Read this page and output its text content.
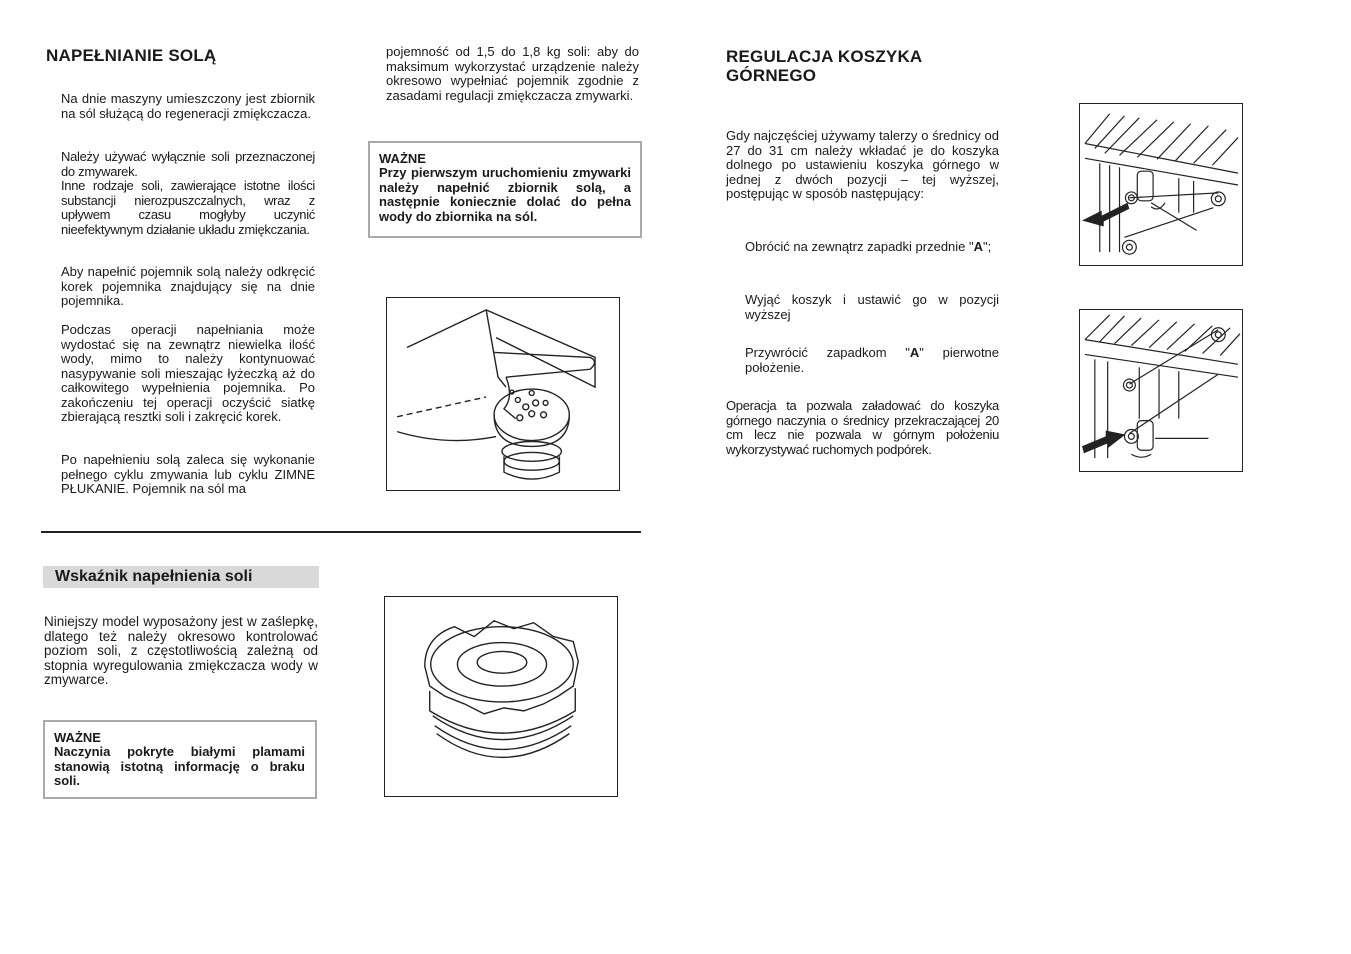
NAPEŁNIANIE SOLĄ
Na dnie maszyny umieszczony jest zbiornik na sól służącą do regeneracji zmiękczacza.
Należy używać wyłącznie soli przeznaczonej do zmywarek.
Inne rodzaje soli, zawierające istotne ilości substancji nierozpuszczalnych, wraz z upływem czasu mogłyby uczynić nieefektywnym działanie układu zmiękczania.
Aby napełnić pojemnik solą należy odkręcić korek pojemnika znajdujący się na dnie pojemnika.
Podczas operacji napełniania może wydostać się na zewnątrz niewielka ilość wody, mimo to należy kontynuować nasypywanie soli mieszając łyżeczką aż do całkowitego wypełnienia pojemnika. Po zakończeniu tej operacji oczyścić siatkę zbierającą resztki soli i zakręcić korek.
Po napełnieniu solą zaleca się wykonanie pełnego cyklu zmywania lub cyklu ZIMNE PŁUKANIE. Pojemnik na sól ma
pojemność od 1,5 do 1,8 kg soli: aby do maksimum wykorzystać urządzenie należy okresowo wypełniać pojemnik zgodnie z zasadami regulacji zmiękczacza zmywarki.
WAŻNE
Przy pierwszym uruchomieniu zmywarki należy napełnić zbiornik solą, a następnie koniecznie dolać do pełna wody do zbiornika na sól.
Wskaźnik napełnienia soli
Niniejszy model wyposażony jest w zaślepkę, dlatego też należy okresowo kontrolować poziom soli, z częstotliwością zależną od stopnia wyregulowania zmiękczacza wody w zmywarce.
WAŻNE
Naczynia pokryte białymi plamami stanowią istotną informację o braku soli.
REGULACJA KOSZYKA
GÓRNEGO
Gdy najczęściej używamy talerzy o średnicy od 27 do 31 cm należy wkładać je do koszyka dolnego po ustawieniu koszyka górnego w jednej z dwóch pozycji – tej wyższej, postępując w sposób następujący:
Obrócić na zewnątrz zapadki przednie "A";
Wyjąć koszyk i ustawić go w pozycji wyższej
Przywrócić zapadkom "A" pierwotne położenie.
Operacja ta pozwala załadować do koszyka górnego naczynia o średnicy przekraczającej 20 cm lecz nie pozwala w górnym położeniu wykorzystywać ruchomych podpórek.
